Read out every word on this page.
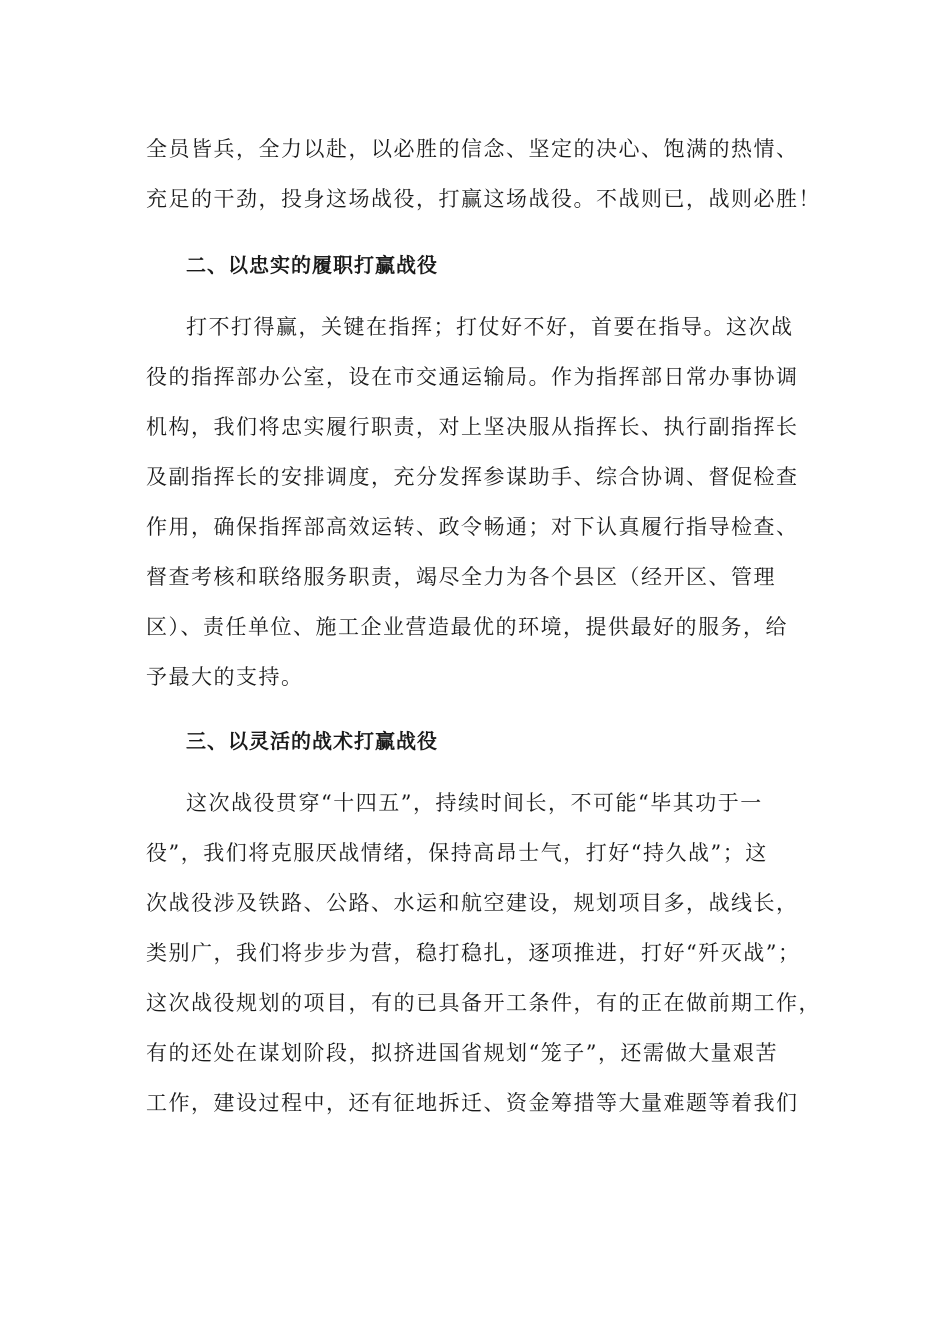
全员皆兵，全力以赴，以必胜的信念、坚定的决心、饱满的热情、
充足的干劲，投身这场战役，打赢这场战役。不战则已，战则必胜！
二、以忠实的履职打赢战役
打不打得赢，关键在指挥；打仗好不好，首要在指导。这次战
役的指挥部办公室，设在市交通运输局。作为指挥部日常办事协调
机构，我们将忠实履行职责，对上坚决服从指挥长、执行副指挥长
及副指挥长的安排调度，充分发挥参谋助手、综合协调、督促检查
作用，确保指挥部高效运转、政令畅通；对下认真履行指导检查、
督查考核和联络服务职责，竭尽全力为各个县区（经开区、管理
区）、责任单位、施工企业营造最优的环境，提供最好的服务，给
予最大的支持。
三、以灵活的战术打赢战役
这次战役贯穿“十四五”，持续时间长，不可能“毕其功于一
役”，我们将克服厌战情绪，保持高昂士气，打好“持久战”；这
次战役涉及铁路、公路、水运和航空建设，规划项目多，战线长，
类别广，我们将步步为营，稳打稳扎，逐项推进，打好“歼灭战”；
这次战役规划的项目，有的已具备开工条件，有的正在做前期工作，
有的还处在谋划阶段，拟挤进国省规划“笼子”，还需做大量艰苦
工作，建设过程中，还有征地拆迁、资金筹措等大量难题等着我们
